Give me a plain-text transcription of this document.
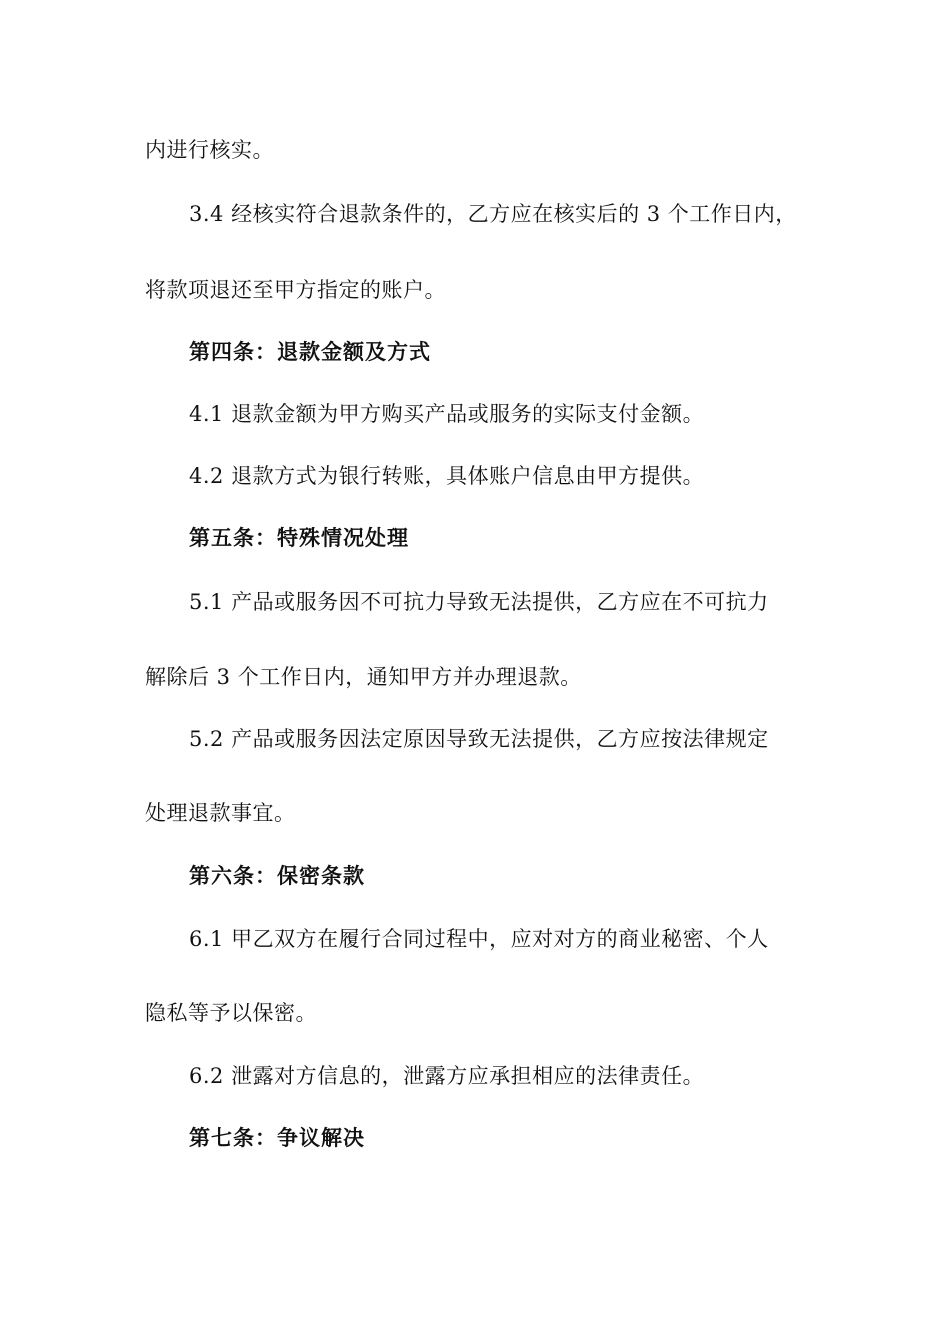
内进行核实。
3.4 经核实符合退款条件的，乙方应在核实后的 3 个工作日内，
将款项退还至甲方指定的账户。
第四条：退款金额及方式
4.1 退款金额为甲方购买产品或服务的实际支付金额。
4.2 退款方式为银行转账，具体账户信息由甲方提供。
第五条：特殊情况处理
5.1 产品或服务因不可抗力导致无法提供，乙方应在不可抗力
解除后 3 个工作日内，通知甲方并办理退款。
5.2 产品或服务因法定原因导致无法提供，乙方应按法律规定
处理退款事宜。
第六条：保密条款
6.1 甲乙双方在履行合同过程中，应对对方的商业秘密、个人
隐私等予以保密。
6.2 泄露对方信息的，泄露方应承担相应的法律责任。
第七条：争议解决
